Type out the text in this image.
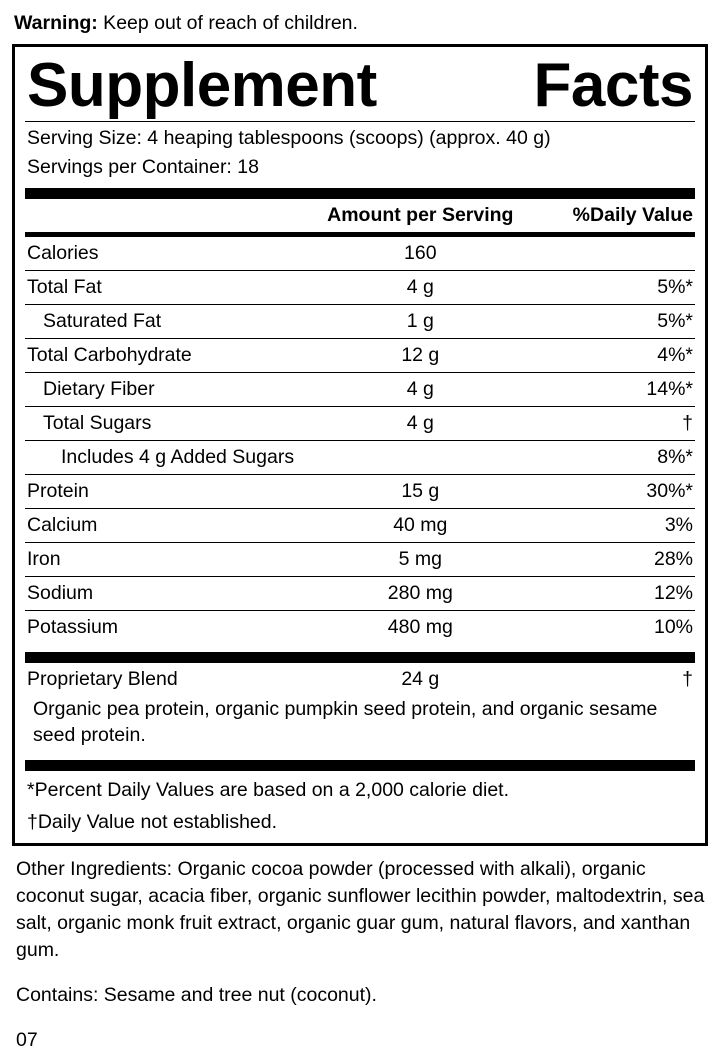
Warning: Keep out of reach of children.
Supplement	Facts
Serving Size: 4 heaping tablespoons (scoops) (approx. 40 g)
Servings per Container: 18
	Amount per Serving	%Daily Value
Calories	160	
Total Fat	4 g	5%*
Saturated Fat	1 g	5%*
Total Carbohydrate	12 g	4%*
Dietary Fiber	4 g	14%*
Total Sugars	4 g	†
Includes 4 g Added Sugars		8%*
Protein	15 g	30%*
Calcium	40 mg	3%
Iron	5 mg	28%
Sodium	280 mg	12%
Potassium	480 mg	10%
Proprietary Blend	24 g	†
Organic pea protein, organic pumpkin seed protein, and organic sesame seed protein.
*Percent Daily Values are based on a 2,000 calorie diet.
†Daily Value not established.
Other Ingredients: Organic cocoa powder (processed with alkali), organic coconut sugar, acacia fiber, organic sunflower lecithin powder, maltodextrin, sea salt, organic monk fruit extract, organic guar gum, natural flavors, and xanthan gum.
Contains: Sesame and tree nut (coconut).
07
